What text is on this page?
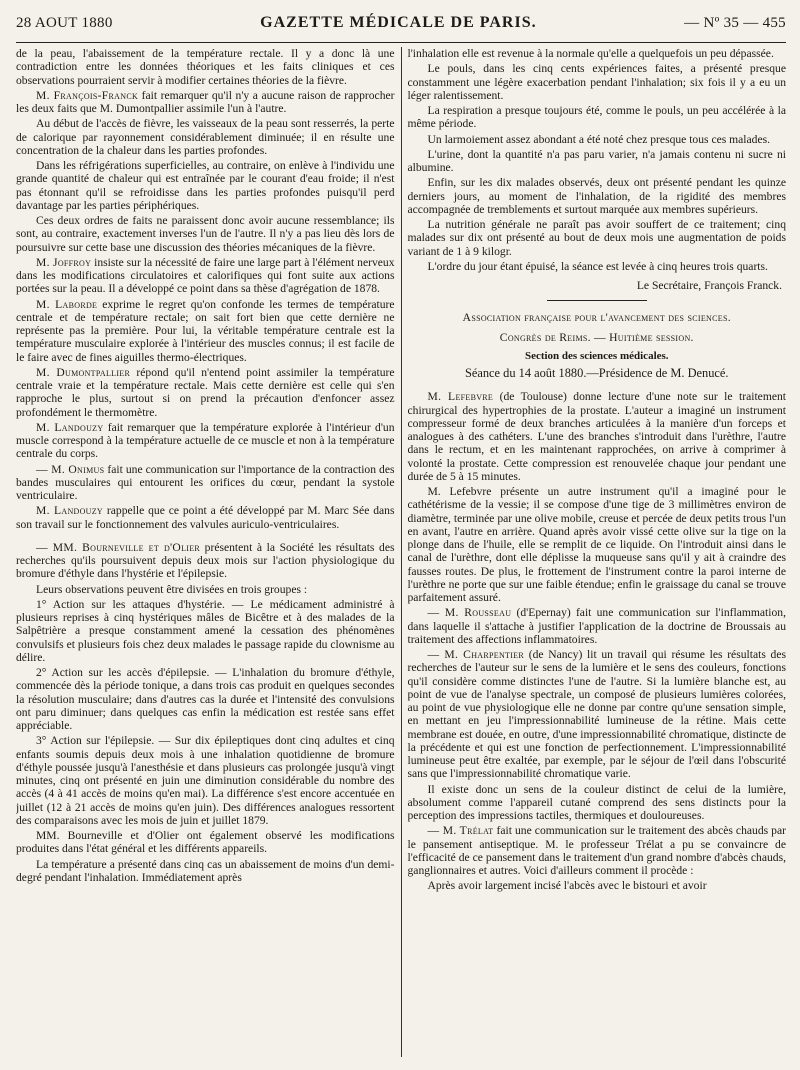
28 AOUT 1880	GAZETTE MÉDICALE DE PARIS.	— Nº 35 — 455

de la peau, l'abaissement de la température rectale. Il y a donc là une contradiction entre les données théoriques et les faits cliniques et ces observations pourraient servir à modifier certaines théories de la fièvre.

M. François-Franck fait remarquer qu'il n'y a aucune raison de rapprocher les deux faits que M. Dumontpallier assimile l'un à l'autre.

Au début de l'accès de fièvre, les vaisseaux de la peau sont resserrés, la perte de calorique par rayonnement considérablement diminuée; il en résulte une concentration de la chaleur dans les parties profondes.

Dans les réfrigérations superficielles, au contraire, on enlève à l'individu une grande quantité de chaleur qui est entraînée par le courant d'eau froide; il n'est pas étonnant qu'il se refroidisse dans les parties profondes puisqu'il perd davantage par les parties périphériques.

Ces deux ordres de faits ne paraissent donc avoir aucune ressemblance; ils sont, au contraire, exactement inverses l'un de l'autre. Il n'y a pas lieu dès lors de poursuivre sur cette base une discussion des théories mécaniques de la fièvre.

M. Joffroy insiste sur la nécessité de faire une large part à l'élément nerveux dans les modifications circulatoires et calorifiques qui font suite aux actions portées sur la peau. Il a développé ce point dans sa thèse d'agrégation de 1878.

M. Laborde exprime le regret qu'on confonde les termes de température centrale et de température rectale; on sait fort bien que cette dernière ne représente pas la première. Pour lui, la véritable température centrale est la température musculaire explorée à l'intérieur des muscles connus; il est facile de le faire avec de fines aiguilles thermo-électriques.

M. Dumontpallier répond qu'il n'entend point assimiler la température centrale vraie et la température rectale. Mais cette dernière est celle qui s'en rapproche le plus, surtout si on prend la précaution d'enfoncer assez profondément le thermomètre.

M. Landouzy fait remarquer que la température explorée à l'intérieur d'un muscle correspond à la température actuelle de ce muscle et non à la température centrale du corps.

— M. Onimus fait une communication sur l'importance de la contraction des bandes musculaires qui entourent les orifices du cœur, pendant la systole ventriculaire.

M. Landouzy rappelle que ce point a été développé par M. Marc Sée dans son travail sur le fonctionnement des valvules auriculo-ventriculaires.

— MM. Bourneville et d'Olier présentent à la Société les résultats des recherches qu'ils poursuivent depuis deux mois sur l'action physiologique du bromure d'éthyle dans l'hystérie et l'épilepsie.

Leurs observations peuvent être divisées en trois groupes :

1° Action sur les attaques d'hystérie. — Le médicament administré à plusieurs reprises à cinq hystériques mâles de Bicêtre et à des malades de la Salpêtrière a presque constamment amené la cessation des phénomènes convulsifs et plusieurs fois chez deux malades le passage rapide du clownisme au délire.

2° Action sur les accès d'épilepsie. — L'inhalation du bromure d'éthyle, commencée dès la période tonique, a dans trois cas produit en quelques secondes la résolution musculaire; dans d'autres cas la durée et l'intensité des convulsions ont paru diminuer; dans quelques cas enfin la médication est restée sans effet appréciable.

3° Action sur l'épilepsie. — Sur dix épileptiques dont cinq adultes et cinq enfants soumis depuis deux mois à une inhalation quotidienne de bromure d'éthyle poussée jusqu'à l'anesthésie et dans plusieurs cas prolongée jusqu'à vingt minutes, cinq ont présenté en juin une diminution considérable du nombre des accès (4 à 41 accès de moins qu'en mai). La différence s'est encore accentuée en juillet (12 à 21 accès de moins qu'en juin). Des différences analogues ressortent des comparaisons avec les mois de juin et juillet 1879.

MM. Bourneville et d'Olier ont également observé les modifications produites dans l'état général et les différents appareils.

La température a présenté dans cinq cas un abaissement de moins d'un demi-degré pendant l'inhalation. Immédiatement après

l'inhalation elle est revenue à la normale qu'elle a quelquefois un peu dépassée.

Le pouls, dans les cinq cents expériences faites, a présenté presque constamment une légère exacerbation pendant l'inhalation; six fois il y a eu un léger ralentissement.

La respiration a presque toujours été, comme le pouls, un peu accélérée à la même période.

Un larmoiement assez abondant a été noté chez presque tous ces malades.

L'urine, dont la quantité n'a pas paru varier, n'a jamais contenu ni sucre ni albumine.

Enfin, sur les dix malades observés, deux ont présenté pendant les quinze derniers jours, au moment de l'inhalation, de la rigidité des membres accompagnée de tremblements et surtout marquée aux membres supérieurs.

La nutrition générale ne paraît pas avoir souffert de ce traitement; cinq malades sur dix ont présenté au bout de deux mois une augmentation de poids variant de 1 à 9 kilogr.

L'ordre du jour étant épuisé, la séance est levée à cinq heures trois quarts.

Le Secrétaire, François Franck.

Association française pour l'avancement des sciences.

Congrès de Reims. — Huitième session.

Section des sciences médicales.

Séance du 14 août 1880.—Présidence de M. Denucé.

M. Lefebvre (de Toulouse) donne lecture d'une note sur le traitement chirurgical des hypertrophies de la prostate. L'auteur a imaginé un instrument compresseur formé de deux branches articulées à la manière d'un forceps et analogues à des cathéters. L'une des branches s'introduit dans l'urèthre, l'autre dans le rectum, et en les maintenant rapprochées, on arrive à comprimer à volonté la prostate. Cette compression est renouvelée chaque jour pendant une durée de 5 à 15 minutes.

M. Lefebvre présente un autre instrument qu'il a imaginé pour le cathétérisme de la vessie; il se compose d'une tige de 3 millimètres environ de diamètre, terminée par une olive mobile, creuse et percée de deux petits trous l'un en avant, l'autre en arrière. Quand après avoir vissé cette olive sur la tige on la plonge dans de l'huile, elle se remplit de ce liquide. On l'introduit ainsi dans le canal de l'urèthre, dont elle déplisse la muqueuse sans qu'il y ait à craindre des fausses routes. De plus, le frottement de l'instrument contre la paroi interne de l'urèthre ne porte que sur une faible étendue; enfin le graissage du canal se trouve parfaitement assuré.

— M. Rousseau (d'Epernay) fait une communication sur l'inflammation, dans laquelle il s'attache à justifier l'application de la doctrine de Broussais au traitement des affections inflammatoires.

— M. Charpentier (de Nancy) lit un travail qui résume les résultats des recherches de l'auteur sur le sens de la lumière et le sens des couleurs, fonctions qu'il considère comme distinctes l'une de l'autre. Si la lumière blanche est, au point de vue de l'analyse spectrale, un composé de plusieurs lumières colorées, au point de vue physiologique elle ne donne par contre qu'une sensation simple, en mettant en jeu l'impressionnabilité lumineuse de la rétine. Mais cette membrane est douée, en outre, d'une impressionnabilité chromatique, distincte de la précédente et qui est une fonction de perfectionnement. L'impressionnabilité lumineuse peut être exaltée, par exemple, par le séjour de l'œil dans l'obscurité sans que l'impressionnabilité chromatique varie.

Il existe donc un sens de la couleur distinct de celui de la lumière, absolument comme l'appareil cutané comprend des sens distincts pour la perception des impressions tactiles, thermiques et douloureuses.

— M. Trélat fait une communication sur le traitement des abcès chauds par le pansement antiseptique. M. le professeur Trélat a pu se convaincre de l'efficacité de ce pansement dans le traitement d'un grand nombre d'abcès chauds, ganglionnaires et autres. Voici d'ailleurs comment il procède :

Après avoir largement incisé l'abcès avec le bistouri et avoir
